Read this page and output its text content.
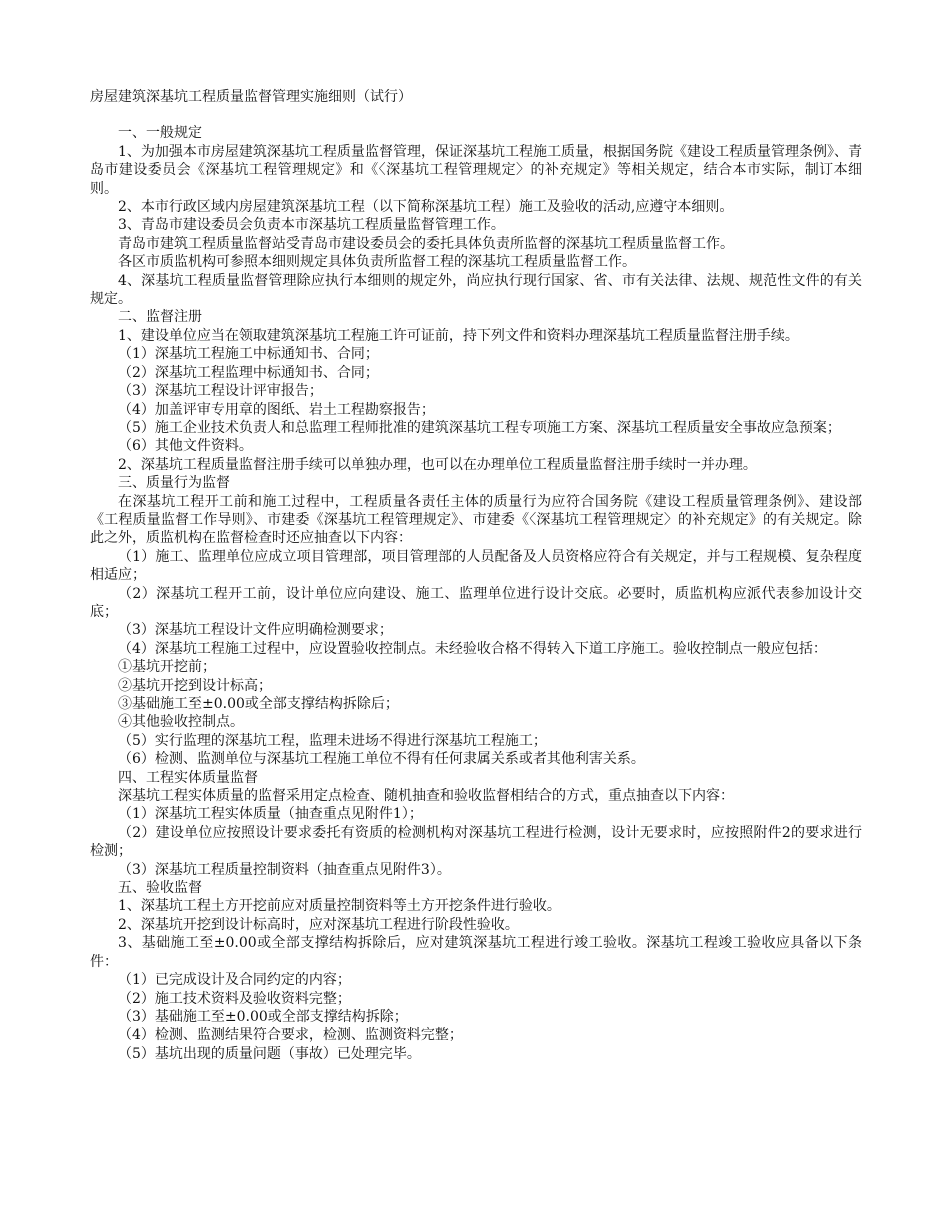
房屋建筑深基坑工程质量监督管理实施细则（试行）

一、一般规定

1、为加强本市房屋建筑深基坑工程质量监督管理，保证深基坑工程施工质量，根据国务院《建设工程质量管理条例》、青岛市建设委员会《深基坑工程管理规定》和《〈深基坑工程管理规定〉的补充规定》等相关规定，结合本市实际，制订本细则。

2、本市行政区域内房屋建筑深基坑工程（以下简称深基坑工程）施工及验收的活动,应遵守本细则。

3、青岛市建设委员会负责本市深基坑工程质量监督管理工作。

青岛市建筑工程质量监督站受青岛市建设委员会的委托具体负责所监督的深基坑工程质量监督工作。

各区市质监机构可参照本细则规定具体负责所监督工程的深基坑工程质量监督工作。

4、深基坑工程质量监督管理除应执行本细则的规定外，尚应执行现行国家、省、市有关法律、法规、规范性文件的有关规定。

二、监督注册

1、建设单位应当在领取建筑深基坑工程施工许可证前，持下列文件和资料办理深基坑工程质量监督注册手续。

（1）深基坑工程施工中标通知书、合同；

（2）深基坑工程监理中标通知书、合同；

（3）深基坑工程设计评审报告；

（4）加盖评审专用章的图纸、岩土工程勘察报告；

（5）施工企业技术负责人和总监理工程师批准的建筑深基坑工程专项施工方案、深基坑工程质量安全事故应急预案；

（6）其他文件资料。

2、深基坑工程质量监督注册手续可以单独办理，也可以在办理单位工程质量监督注册手续时一并办理。

三、质量行为监督

在深基坑工程开工前和施工过程中，工程质量各责任主体的质量行为应符合国务院《建设工程质量管理条例》、建设部《工程质量监督工作导则》、市建委《深基坑工程管理规定》、市建委《〈深基坑工程管理规定〉的补充规定》的有关规定。除此之外，质监机构在监督检查时还应抽查以下内容：

（1）施工、监理单位应成立项目管理部，项目管理部的人员配备及人员资格应符合有关规定，并与工程规模、复杂程度相适应；

（2）深基坑工程开工前，设计单位应向建设、施工、监理单位进行设计交底。必要时，质监机构应派代表参加设计交底；

（3）深基坑工程设计文件应明确检测要求；

（4）深基坑工程施工过程中，应设置验收控制点。未经验收合格不得转入下道工序施工。验收控制点一般应包括：

①基坑开挖前；

②基坑开挖到设计标高；

③基础施工至±0.00或全部支撑结构拆除后；

④其他验收控制点。

（5）实行监理的深基坑工程，监理未进场不得进行深基坑工程施工；

（6）检测、监测单位与深基坑工程施工单位不得有任何隶属关系或者其他利害关系。

四、工程实体质量监督

深基坑工程实体质量的监督采用定点检查、随机抽查和验收监督相结合的方式，重点抽查以下内容：

（1）深基坑工程实体质量（抽查重点见附件1）；

（2）建设单位应按照设计要求委托有资质的检测机构对深基坑工程进行检测，设计无要求时，应按照附件2的要求进行检测；

（3）深基坑工程质量控制资料（抽查重点见附件3）。

五、验收监督

1、深基坑工程土方开挖前应对质量控制资料等土方开挖条件进行验收。

2、深基坑开挖到设计标高时，应对深基坑工程进行阶段性验收。

3、基础施工至±0.00或全部支撑结构拆除后，应对建筑深基坑工程进行竣工验收。深基坑工程竣工验收应具备以下条件：

（1）已完成设计及合同约定的内容；

（2）施工技术资料及验收资料完整；

（3）基础施工至±0.00或全部支撑结构拆除；

（4）检测、监测结果符合要求，检测、监测资料完整；

（5）基坑出现的质量问题（事故）已处理完毕。
